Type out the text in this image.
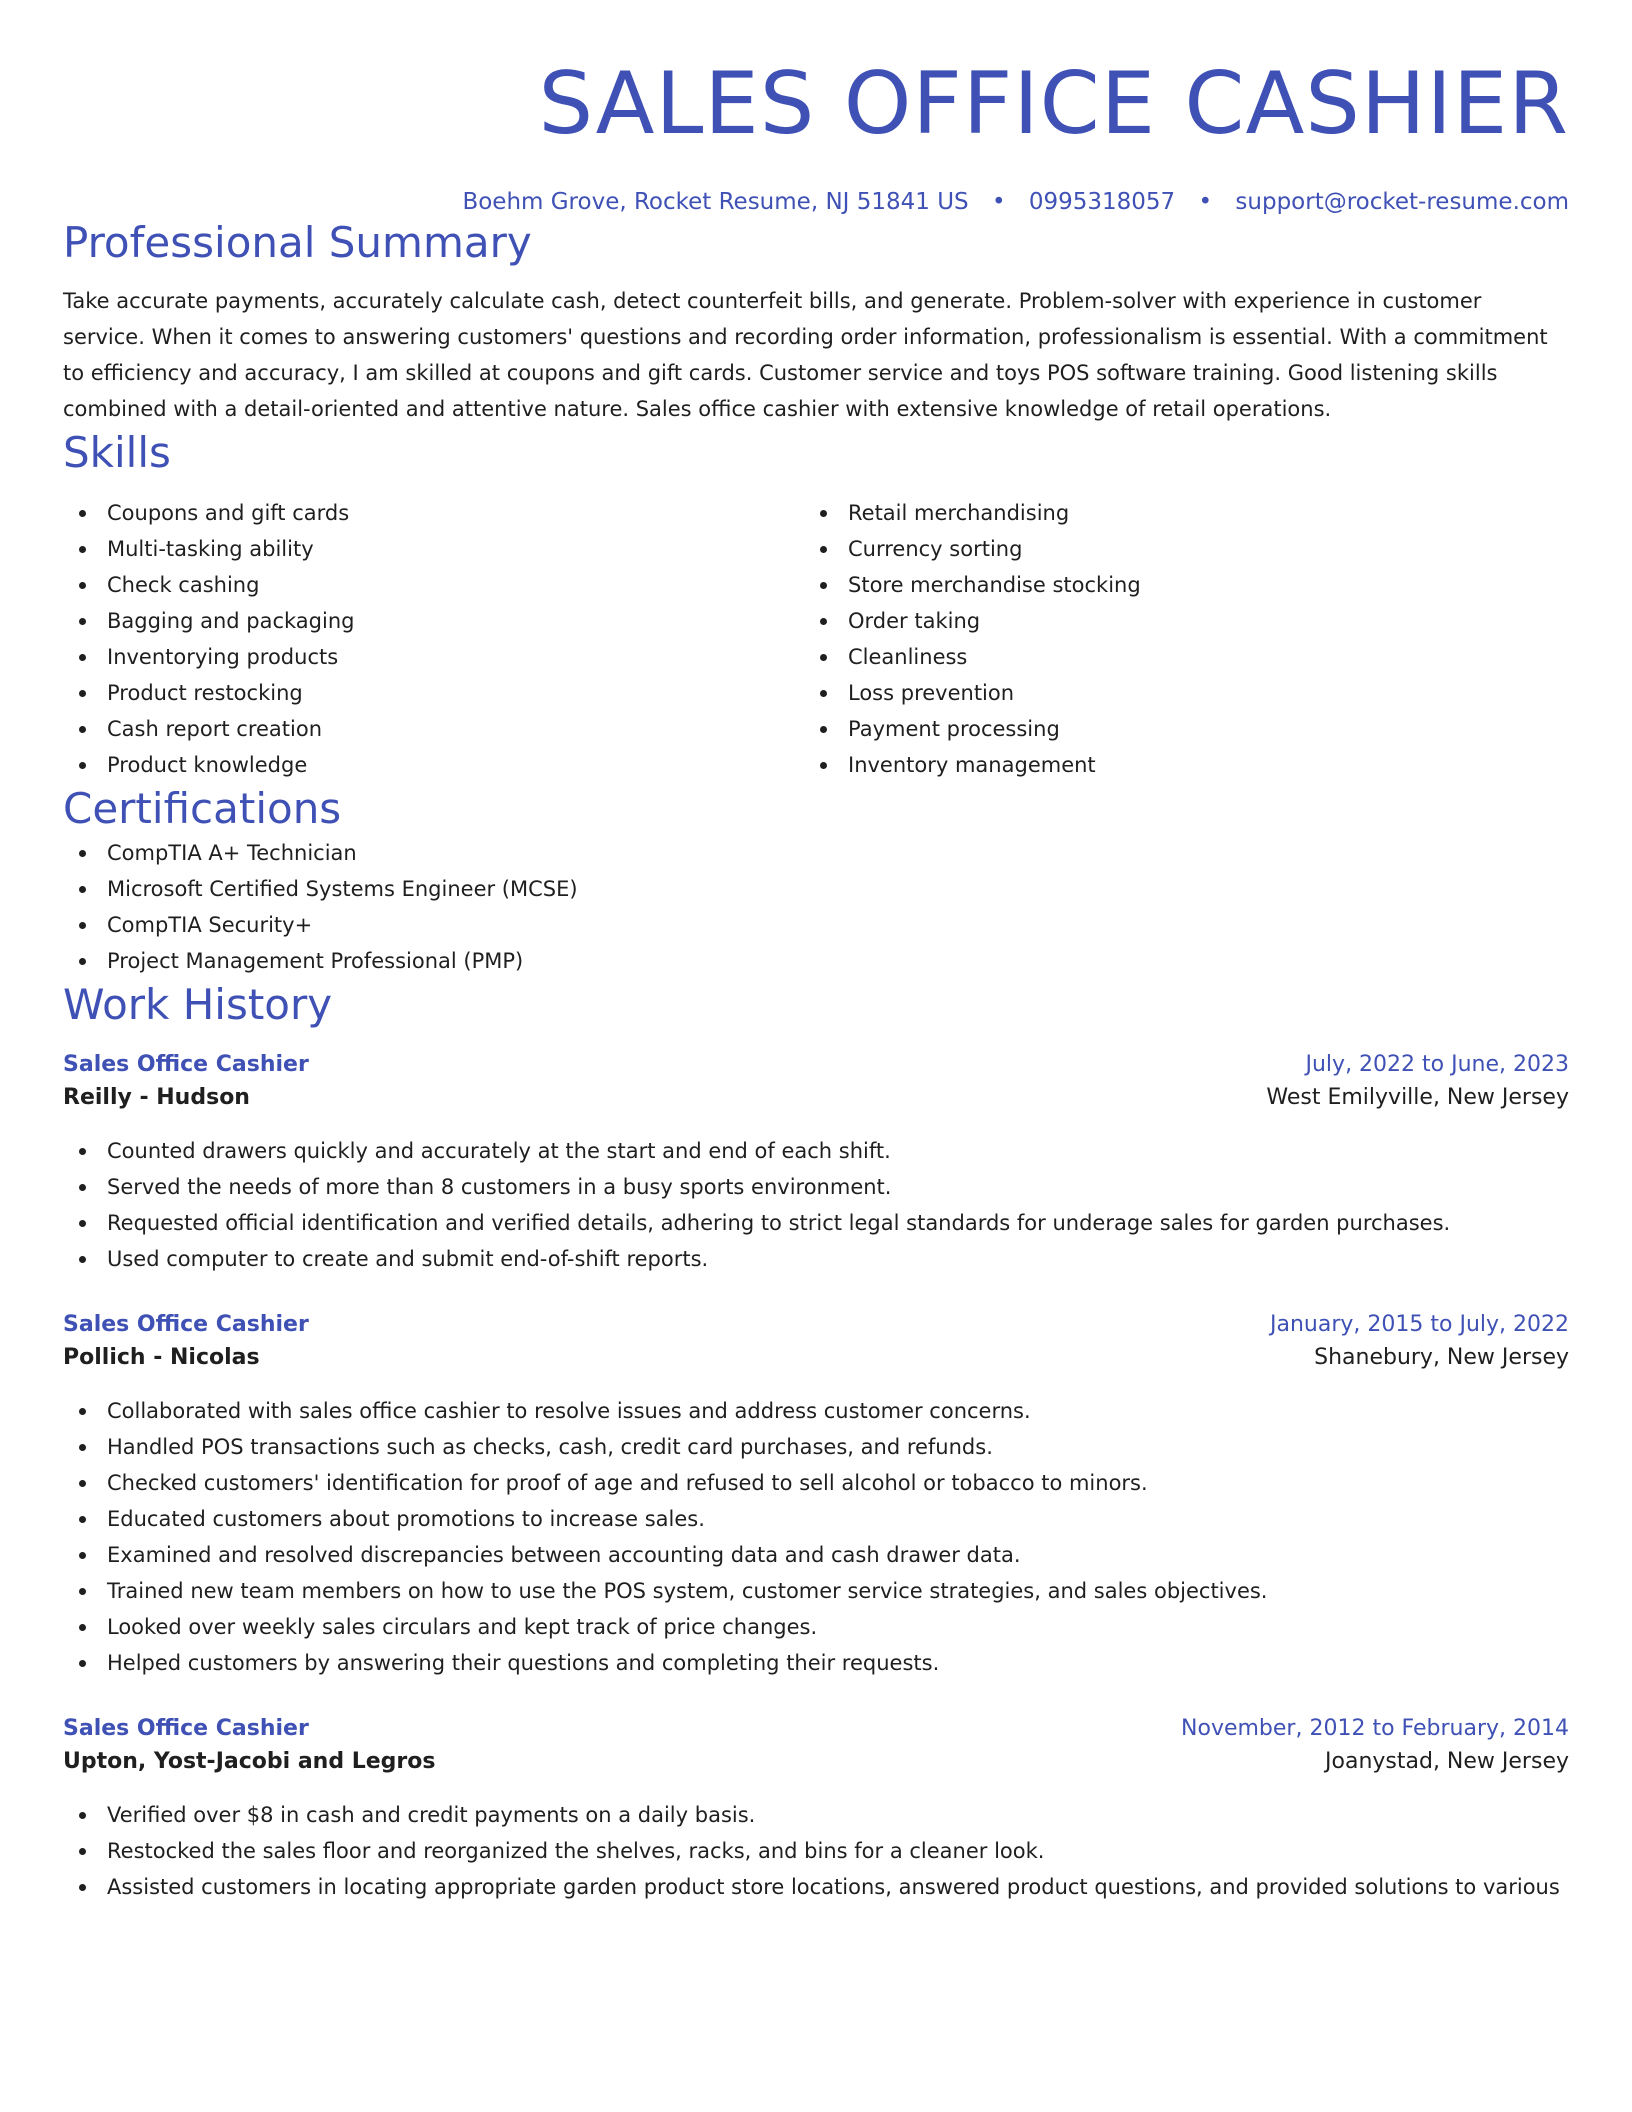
SALES OFFICE CASHIER
Boehm Grove, Rocket Resume, NJ 51841 US • 0995318057 • support@rocket-resume.com
Professional Summary

Take accurate payments, accurately calculate cash, detect counterfeit bills, and generate. Problem-solver with experience in customer service. When it comes to answering customers' questions and recording order information, professionalism is essential. With a commitment to efficiency and accuracy, I am skilled at coupons and gift cards. Customer service and toys POS software training. Good listening skills combined with a detail-oriented and attentive nature. Sales office cashier with extensive knowledge of retail operations.

Skills
Coupons and gift cards
Multi-tasking ability
Check cashing
Bagging and packaging
Inventorying products
Product restocking
Cash report creation
Product knowledge
Retail merchandising
Currency sorting
Store merchandise stocking
Order taking
Cleanliness
Loss prevention
Payment processing
Inventory management
Certifications
CompTIA A+ Technician
Microsoft Certified Systems Engineer (MCSE)
CompTIA Security+
Project Management Professional (PMP)
Work History
Sales Office Cashier	July, 2022 to June, 2023
Reilly - Hudson	West Emilyville, New Jersey
Counted drawers quickly and accurately at the start and end of each shift.
Served the needs of more than 8 customers in a busy sports environment.
Requested official identification and verified details, adhering to strict legal standards for underage sales for garden purchases.
Used computer to create and submit end-of-shift reports.
Sales Office Cashier	January, 2015 to July, 2022
Pollich - Nicolas	Shanebury, New Jersey
Collaborated with sales office cashier to resolve issues and address customer concerns.
Handled POS transactions such as checks, cash, credit card purchases, and refunds.
Checked customers' identification for proof of age and refused to sell alcohol or tobacco to minors.
Educated customers about promotions to increase sales.
Examined and resolved discrepancies between accounting data and cash drawer data.
Trained new team members on how to use the POS system, customer service strategies, and sales objectives.
Looked over weekly sales circulars and kept track of price changes.
Helped customers by answering their questions and completing their requests.
Sales Office Cashier	November, 2012 to February, 2014
Upton, Yost-Jacobi and Legros	Joanystad, New Jersey
Verified over $8 in cash and credit payments on a daily basis.
Restocked the sales floor and reorganized the shelves, racks, and bins for a cleaner look.
Assisted customers in locating appropriate garden product store locations, answered product questions, and provided solutions to various
